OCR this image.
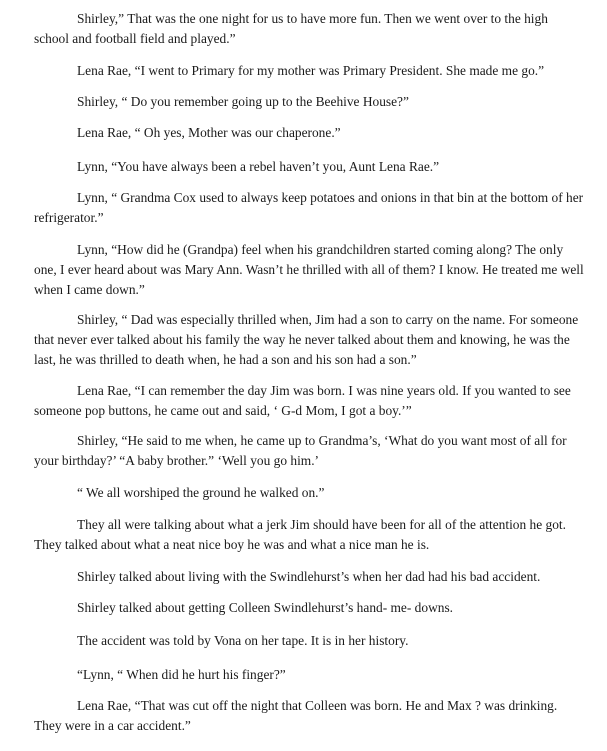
Shirley,” That was the one night for us to have more fun. Then we went over to the high school and football field and played.”

Lena Rae, “I went to Primary for my mother was Primary President. She made me go.”

Shirley, “ Do you remember going up to the Beehive House?”

Lena Rae, “ Oh yes, Mother was our chaperone.”

Lynn, “You have always been a rebel haven’t you, Aunt Lena Rae.”

Lynn, “ Grandma Cox used to always keep potatoes and onions in that bin at the bottom of her refrigerator.”

Lynn, “How did he (Grandpa) feel when his grandchildren started coming along? The only one, I ever heard about was Mary Ann. Wasn’t he thrilled with all of them? I know. He treated me well when I came down.”

Shirley, “ Dad was especially thrilled when, Jim had a son to carry on the name. For someone that never ever talked about his family the way he never talked about them and knowing, he was the last, he was thrilled to death when, he had a son and his son had a son.”

Lena Rae, “I can remember the day Jim was born. I was nine years old. If you wanted to see someone pop buttons, he came out and said, ‘ G-d Mom, I got a boy.’”

Shirley, “He said to me when, he came up to Grandma’s, ‘What do you want most of all for your birthday?’ “A baby brother.” ‘Well you go him.’

“ We all worshiped the ground he walked on.”

They all were talking about what a jerk Jim should have been for all of the attention he got. They talked about what a neat nice boy he was and what a nice man he is.

Shirley talked about living with the Swindlehurst’s when her dad had his bad accident.

Shirley talked about getting Colleen Swindlehurst’s hand- me- downs.

The accident was told by Vona on her tape. It is in her history.

“Lynn, “ When did he hurt his finger?”

Lena Rae, “That was cut off the night that Colleen was born. He and Max ? was drinking. They were in a car accident.”
